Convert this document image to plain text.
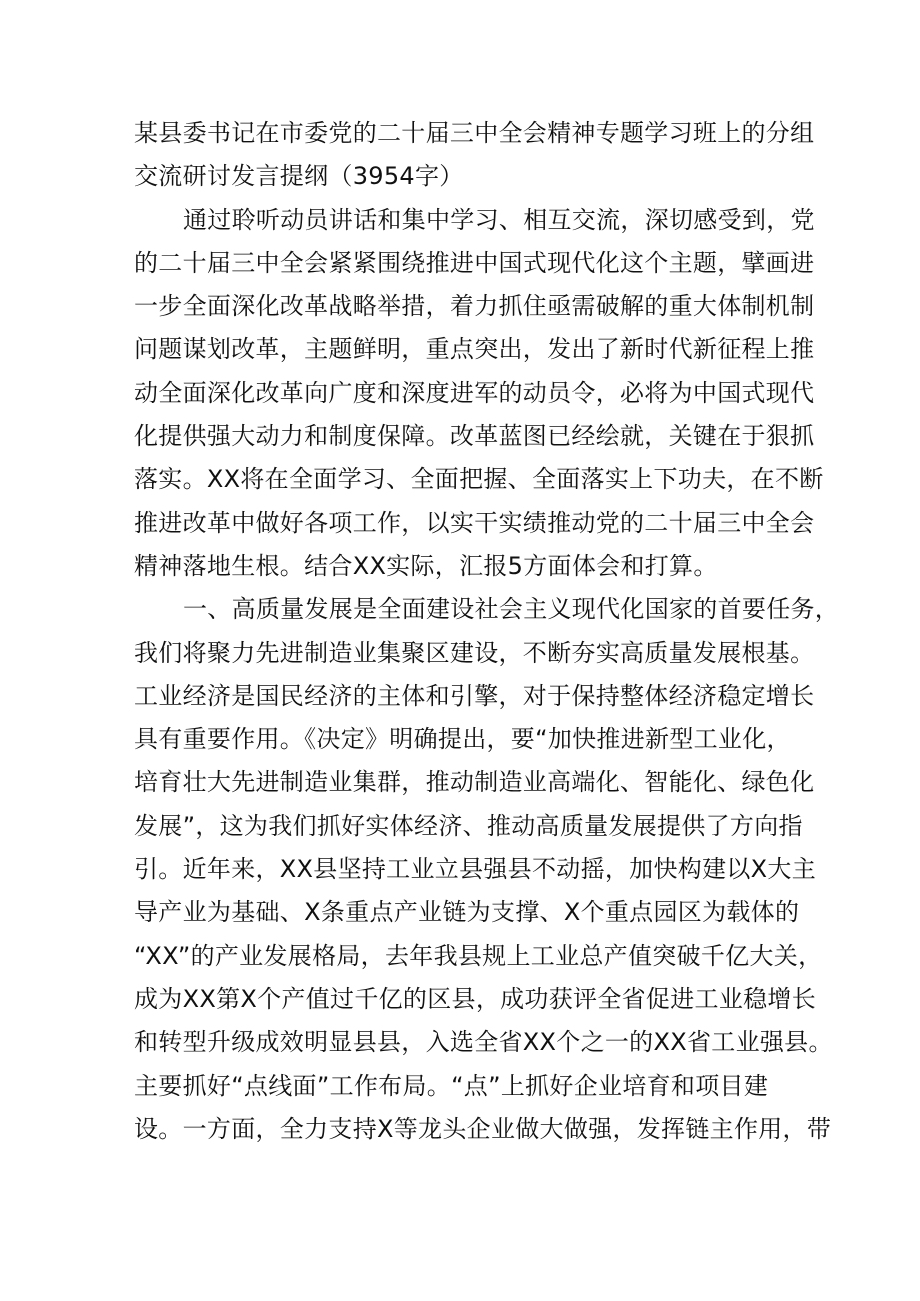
某县委书记在市委党的二十届三中全会精神专题学习班上的分组
交流研讨发言提纲（3954字）
通过聆听动员讲话和集中学习、相互交流，深切感受到，党
的二十届三中全会紧紧围绕推进中国式现代化这个主题，擘画进
一步全面深化改革战略举措，着力抓住亟需破解的重大体制机制
问题谋划改革，主题鲜明，重点突出，发出了新时代新征程上推
动全面深化改革向广度和深度进军的动员令，必将为中国式现代
化提供强大动力和制度保障。改革蓝图已经绘就，关键在于狠抓
落实。XX将在全面学习、全面把握、全面落实上下功夫，在不断
推进改革中做好各项工作，以实干实绩推动党的二十届三中全会
精神落地生根。结合XX实际，汇报5方面体会和打算。
一、高质量发展是全面建设社会主义现代化国家的首要任务，
我们将聚力先进制造业集聚区建设，不断夯实高质量发展根基。
工业经济是国民经济的主体和引擎，对于保持整体经济稳定增长
具有重要作用。《决定》明确提出，要“加快推进新型工业化，
培育壮大先进制造业集群，推动制造业高端化、智能化、绿色化
发展”，这为我们抓好实体经济、推动高质量发展提供了方向指
引。近年来，XX县坚持工业立县强县不动摇，加快构建以X大主
导产业为基础、X条重点产业链为支撑、X个重点园区为载体的
“XX”的产业发展格局，去年我县规上工业总产值突破千亿大关，
成为XX第X个产值过千亿的区县，成功获评全省促进工业稳增长
和转型升级成效明显县县，入选全省XX个之一的XX省工业强县。
主要抓好“点线面”工作布局。“点”上抓好企业培育和项目建
设。一方面，全力支持X等龙头企业做大做强，发挥链主作用，带
